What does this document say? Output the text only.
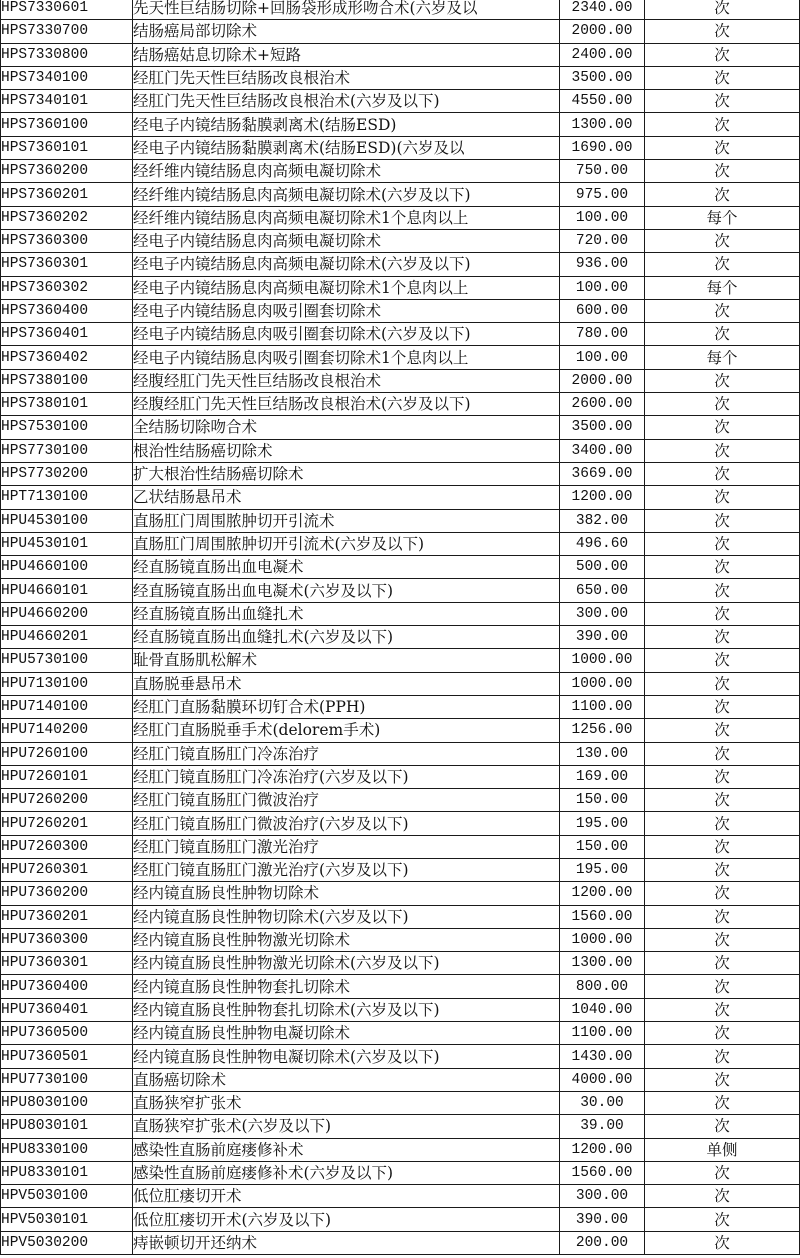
HPS7330601	先天性巨结肠切除+回肠袋形成形吻合术(六岁及以	2340.00	次
HPS7330700	结肠癌局部切除术	2000.00	次
HPS7330800	结肠癌姑息切除术+短路	2400.00	次
HPS7340100	经肛门先天性巨结肠改良根治术	3500.00	次
HPS7340101	经肛门先天性巨结肠改良根治术(六岁及以下)	4550.00	次
HPS7360100	经电子内镜结肠黏膜剥离术(结肠ESD)	1300.00	次
HPS7360101	经电子内镜结肠黏膜剥离术(结肠ESD)(六岁及以	1690.00	次
HPS7360200	经纤维内镜结肠息肉高频电凝切除术	750.00	次
HPS7360201	经纤维内镜结肠息肉高频电凝切除术(六岁及以下)	975.00	次
HPS7360202	经纤维内镜结肠息肉高频电凝切除术1个息肉以上	100.00	每个
HPS7360300	经电子内镜结肠息肉高频电凝切除术	720.00	次
HPS7360301	经电子内镜结肠息肉高频电凝切除术(六岁及以下)	936.00	次
HPS7360302	经电子内镜结肠息肉高频电凝切除术1个息肉以上	100.00	每个
HPS7360400	经电子内镜结肠息肉吸引圈套切除术	600.00	次
HPS7360401	经电子内镜结肠息肉吸引圈套切除术(六岁及以下)	780.00	次
HPS7360402	经电子内镜结肠息肉吸引圈套切除术1个息肉以上	100.00	每个
HPS7380100	经腹经肛门先天性巨结肠改良根治术	2000.00	次
HPS7380101	经腹经肛门先天性巨结肠改良根治术(六岁及以下)	2600.00	次
HPS7530100	全结肠切除吻合术	3500.00	次
HPS7730100	根治性结肠癌切除术	3400.00	次
HPS7730200	扩大根治性结肠癌切除术	3669.00	次
HPT7130100	乙状结肠悬吊术	1200.00	次
HPU4530100	直肠肛门周围脓肿切开引流术	382.00	次
HPU4530101	直肠肛门周围脓肿切开引流术(六岁及以下)	496.60	次
HPU4660100	经直肠镜直肠出血电凝术	500.00	次
HPU4660101	经直肠镜直肠出血电凝术(六岁及以下)	650.00	次
HPU4660200	经直肠镜直肠出血缝扎术	300.00	次
HPU4660201	经直肠镜直肠出血缝扎术(六岁及以下)	390.00	次
HPU5730100	耻骨直肠肌松解术	1000.00	次
HPU7130100	直肠脱垂悬吊术	1000.00	次
HPU7140100	经肛门直肠黏膜环切钉合术(PPH)	1100.00	次
HPU7140200	经肛门直肠脱垂手术(delorem手术)	1256.00	次
HPU7260100	经肛门镜直肠肛门冷冻治疗	130.00	次
HPU7260101	经肛门镜直肠肛门冷冻治疗(六岁及以下)	169.00	次
HPU7260200	经肛门镜直肠肛门微波治疗	150.00	次
HPU7260201	经肛门镜直肠肛门微波治疗(六岁及以下)	195.00	次
HPU7260300	经肛门镜直肠肛门激光治疗	150.00	次
HPU7260301	经肛门镜直肠肛门激光治疗(六岁及以下)	195.00	次
HPU7360200	经内镜直肠良性肿物切除术	1200.00	次
HPU7360201	经内镜直肠良性肿物切除术(六岁及以下)	1560.00	次
HPU7360300	经内镜直肠良性肿物激光切除术	1000.00	次
HPU7360301	经内镜直肠良性肿物激光切除术(六岁及以下)	1300.00	次
HPU7360400	经内镜直肠良性肿物套扎切除术	800.00	次
HPU7360401	经内镜直肠良性肿物套扎切除术(六岁及以下)	1040.00	次
HPU7360500	经内镜直肠良性肿物电凝切除术	1100.00	次
HPU7360501	经内镜直肠良性肿物电凝切除术(六岁及以下)	1430.00	次
HPU7730100	直肠癌切除术	4000.00	次
HPU8030100	直肠狭窄扩张术	30.00	次
HPU8030101	直肠狭窄扩张术(六岁及以下)	39.00	次
HPU8330100	感染性直肠前庭瘘修补术	1200.00	单侧
HPU8330101	感染性直肠前庭瘘修补术(六岁及以下)	1560.00	次
HPV5030100	低位肛瘘切开术	300.00	次
HPV5030101	低位肛瘘切开术(六岁及以下)	390.00	次
HPV5030200	痔嵌顿切开还纳术	200.00	次
